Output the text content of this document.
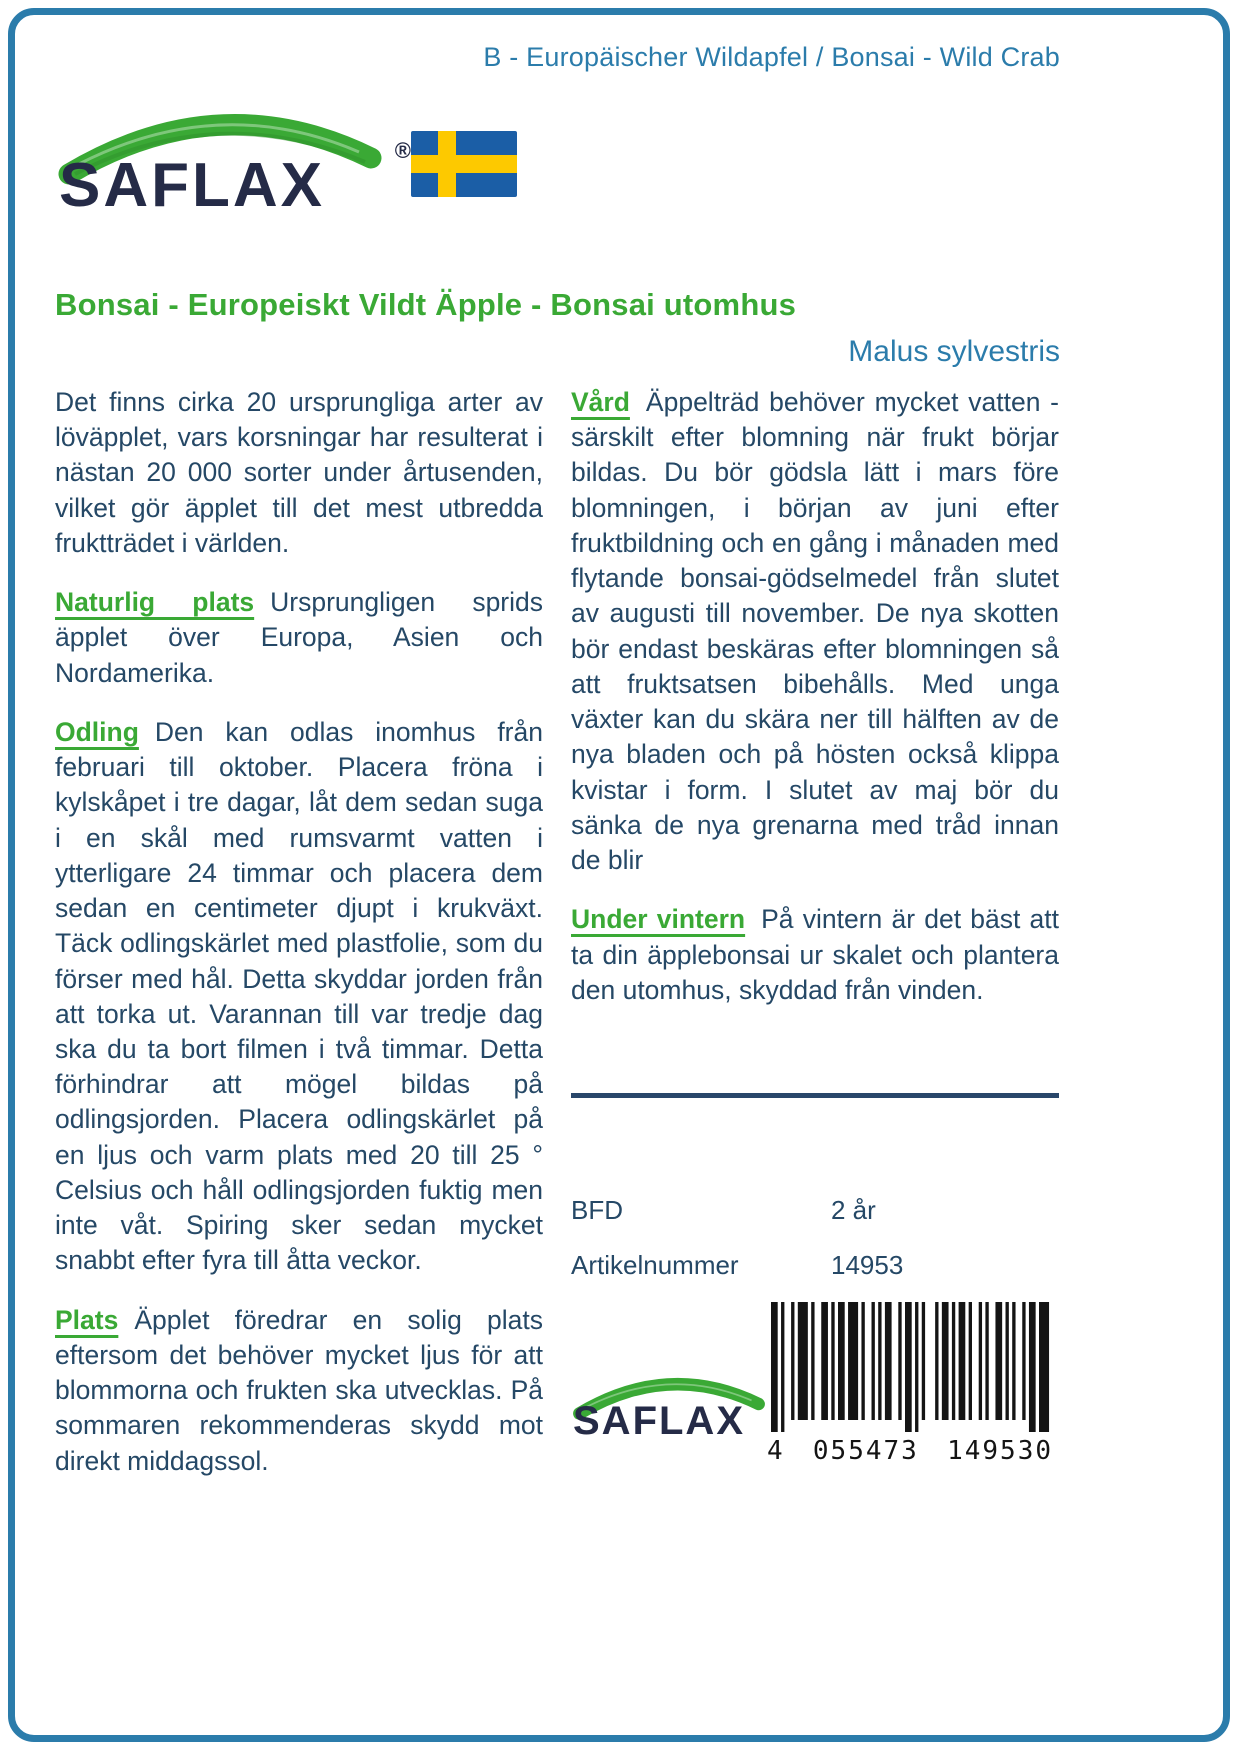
B - Europäischer Wildapfel / Bonsai - Wild Crab
SAFLAX
®
Bonsai - Europeiskt Vildt Äpple - Bonsai utomhus
Malus sylvestris

Det finns cirka 20 ursprungliga arter av löväpplet, vars korsningar har resulterat i nästan 20 000 sorter under årtusenden, vilket gör äpplet till det mest utbredda fruktträdet i världen.

Naturlig plats Ursprungligen sprids äpplet över Europa, Asien och Nordamerika.

Odling Den kan odlas inomhus från februari till oktober. Placera fröna i kylskåpet i tre dagar, låt dem sedan suga i en skål med rumsvarmt vatten i ytterligare 24 timmar och placera dem sedan en centimeter djupt i krukväxt. Täck odlingskärlet med plastfolie, som du förser med hål. Detta skyddar jorden från att torka ut. Varannan till var tredje dag ska du ta bort filmen i två timmar. Detta förhindrar att mögel bildas på odlingsjorden. Placera odlingskärlet på en ljus och varm plats med 20 till 25 ° Celsius och håll odlingsjorden fuktig men inte våt. Spiring sker sedan mycket snabbt efter fyra till åtta veckor.

Plats Äpplet föredrar en solig plats eftersom det behöver mycket ljus för att blommorna och frukten ska utvecklas. På sommaren rekommenderas skydd mot direkt middagssol.

Vård Äppelträd behöver mycket vatten - särskilt efter blomning när frukt börjar bildas. Du bör gödsla lätt i mars före blomningen, i början av juni efter fruktbildning och en gång i månaden med flytande bonsai-gödselmedel från slutet av augusti till november. De nya skotten bör endast beskäras efter blomningen så att fruktsatsen bibehålls. Med unga växter kan du skära ner till hälften av de nya bladen och på hösten också klippa kvistar i form. I slutet av maj bör du sänka de nya grenarna med tråd innan de blir

Under vintern På vintern är det bäst att ta din äpplebonsai ur skalet och plantera den utomhus, skyddad från vinden.

BFD	2 år
Artikelnummer	14953
SAFLAX
4 055473 149530
